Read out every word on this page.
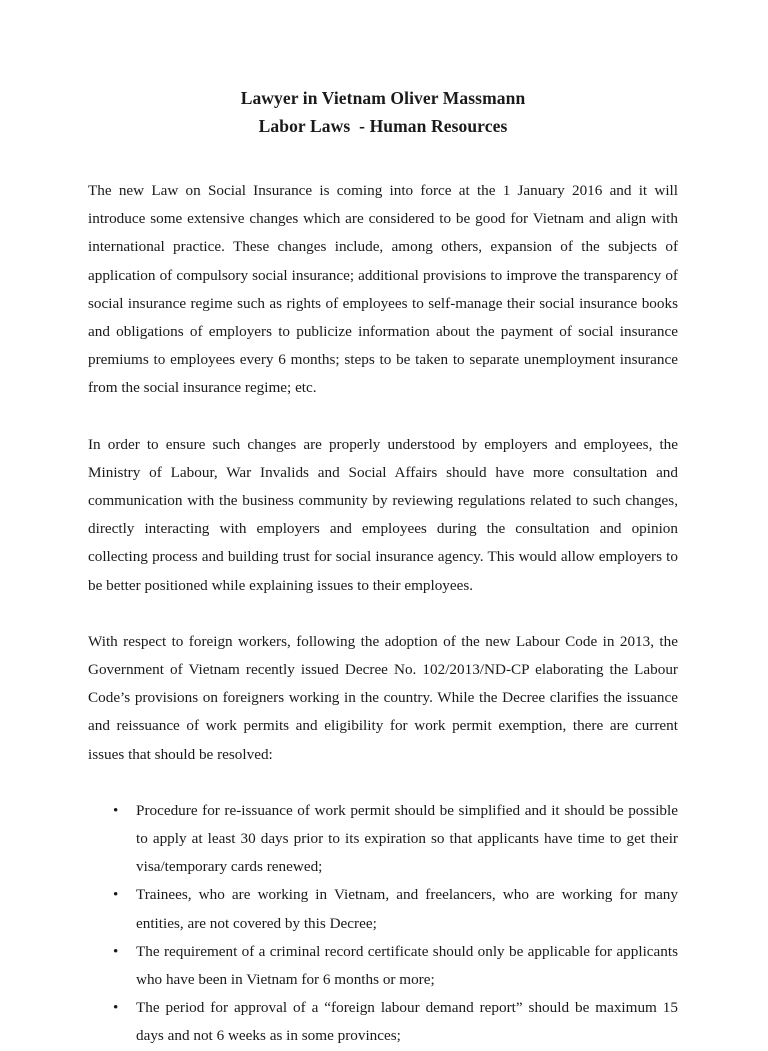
Lawyer in Vietnam Oliver Massmann
Labor Laws  - Human Resources

The new Law on Social Insurance is coming into force at the 1 January 2016 and it will introduce some extensive changes which are considered to be good for Vietnam and align with international practice. These changes include, among others, expansion of the subjects of application of compulsory social insurance; additional provisions to improve the transparency of social insurance regime such as rights of employees to self-manage their social insurance books and obligations of employers to publicize information about the payment of social insurance premiums to employees every 6 months; steps to be taken to separate unemployment insurance from the social insurance regime; etc.

In order to ensure such changes are properly understood by employers and employees, the Ministry of Labour, War Invalids and Social Affairs should have more consultation and communication with the business community by reviewing regulations related to such changes, directly interacting with employers and employees during the consultation and opinion collecting process and building trust for social insurance agency. This would allow employers to be better positioned while explaining issues to their employees.

With respect to foreign workers, following the adoption of the new Labour Code in 2013, the Government of Vietnam recently issued Decree No. 102/2013/ND-CP elaborating the Labour Code’s provisions on foreigners working in the country. While the Decree clarifies the issuance and reissuance of work permits and eligibility for work permit exemption, there are current issues that should be resolved:

• Procedure for re-issuance of work permit should be simplified and it should be possible to apply at least 30 days prior to its expiration so that applicants have time to get their visa/temporary cards renewed;
• Trainees, who are working in Vietnam, and freelancers, who are working for many entities, are not covered by this Decree;
• The requirement of a criminal record certificate should only be applicable for applicants who have been in Vietnam for 6 months or more;
• The period for approval of a “foreign labour demand report” should be maximum 15 days and not 6 weeks as in some provinces;
